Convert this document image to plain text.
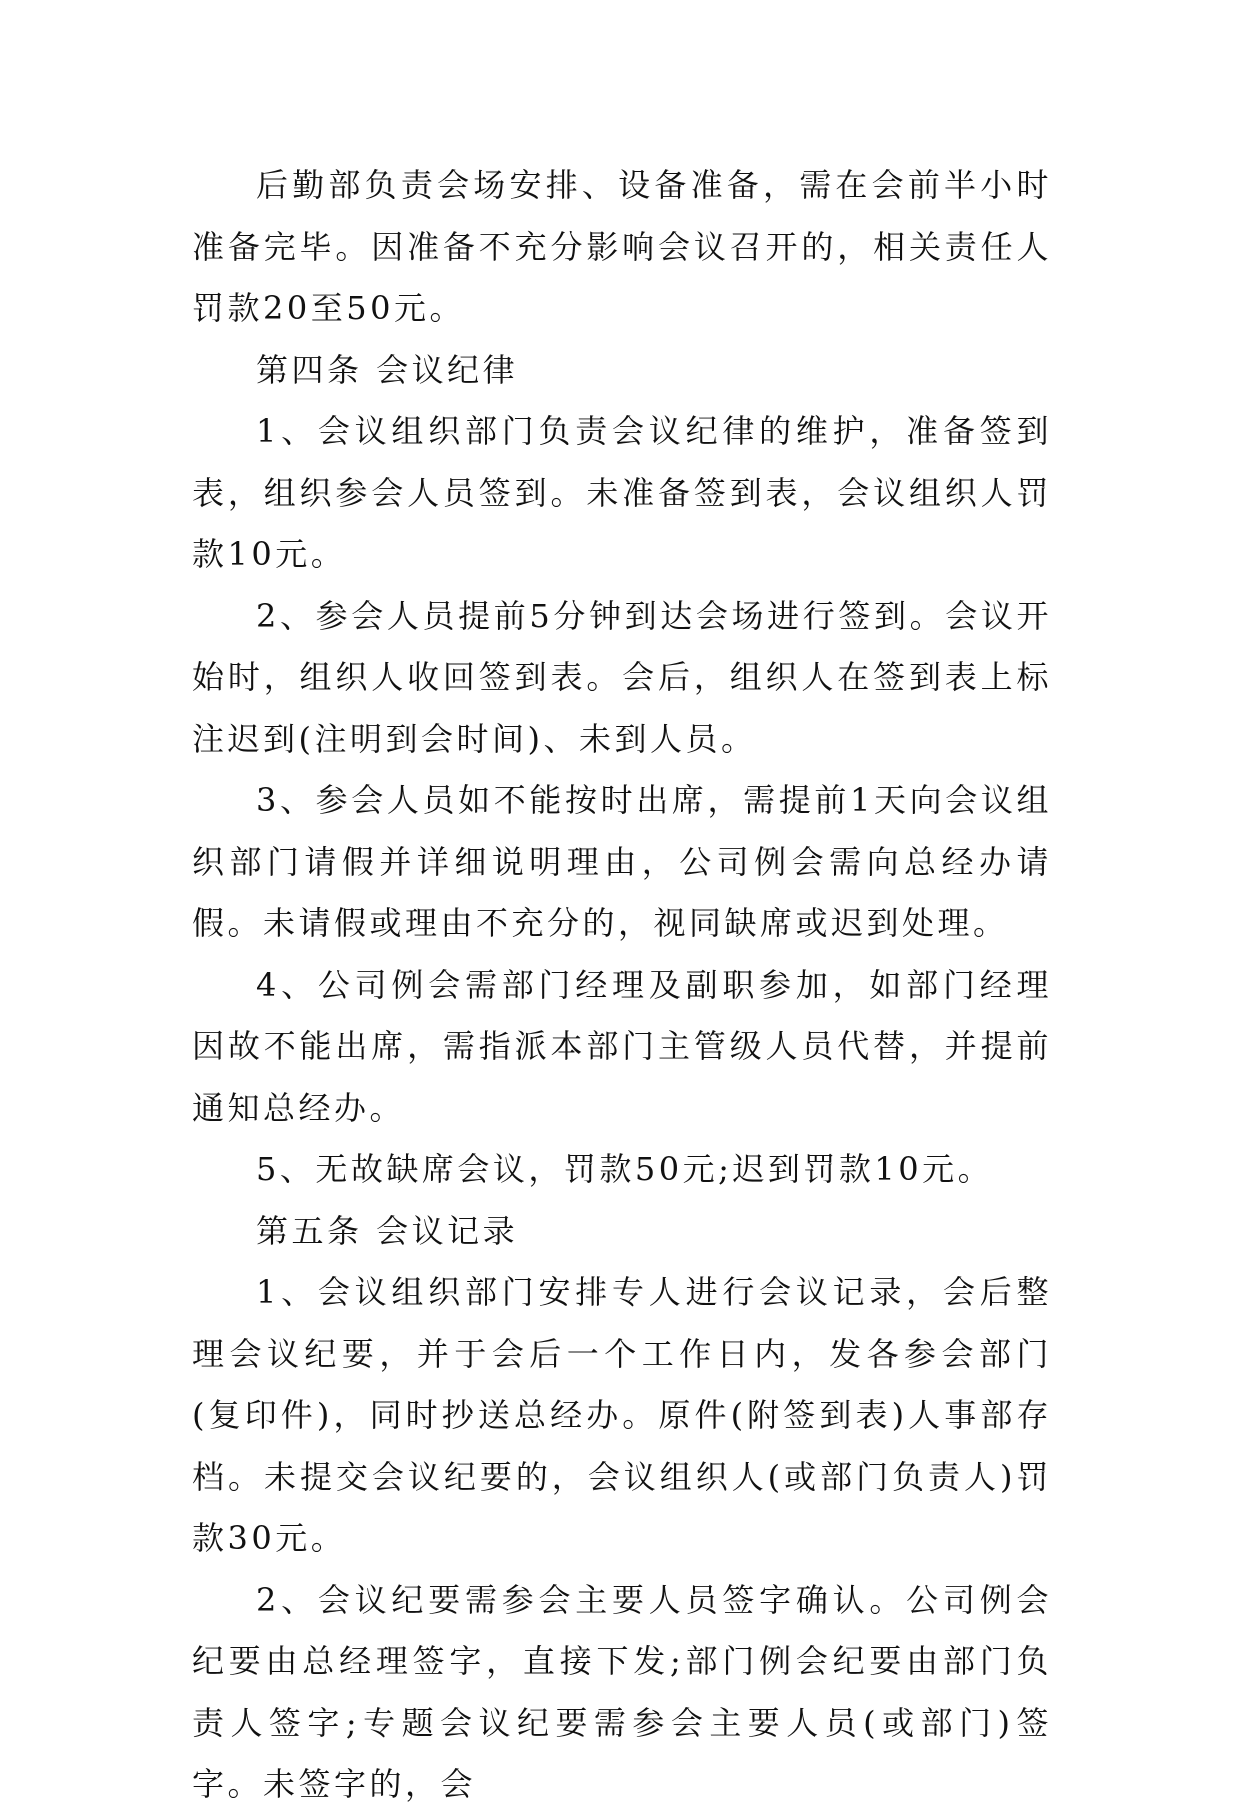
后勤部负责会场安排、设备准备，需在会前半小时准备完毕。因准备不充分影响会议召开的，相关责任人罚款20至50元。

第四条 会议纪律

1、会议组织部门负责会议纪律的维护，准备签到表，组织参会人员签到。未准备签到表，会议组织人罚款10元。

2、参会人员提前5分钟到达会场进行签到。会议开始时，组织人收回签到表。会后，组织人在签到表上标注迟到(注明到会时间)、未到人员。

3、参会人员如不能按时出席，需提前1天向会议组织部门请假并详细说明理由，公司例会需向总经办请假。未请假或理由不充分的，视同缺席或迟到处理。

4、公司例会需部门经理及副职参加，如部门经理因故不能出席，需指派本部门主管级人员代替，并提前通知总经办。

5、无故缺席会议，罚款50元;迟到罚款10元。

第五条 会议记录

1、会议组织部门安排专人进行会议记录，会后整理会议纪要，并于会后一个工作日内，发各参会部门(复印件)，同时抄送总经办。原件(附签到表)人事部存档。未提交会议纪要的，会议组织人(或部门负责人)罚款30元。

2、会议纪要需参会主要人员签字确认。公司例会纪要由总经理签字，直接下发;部门例会纪要由部门负责人签字;专题会议纪要需参会主要人员(或部门)签字。未签字的，会
